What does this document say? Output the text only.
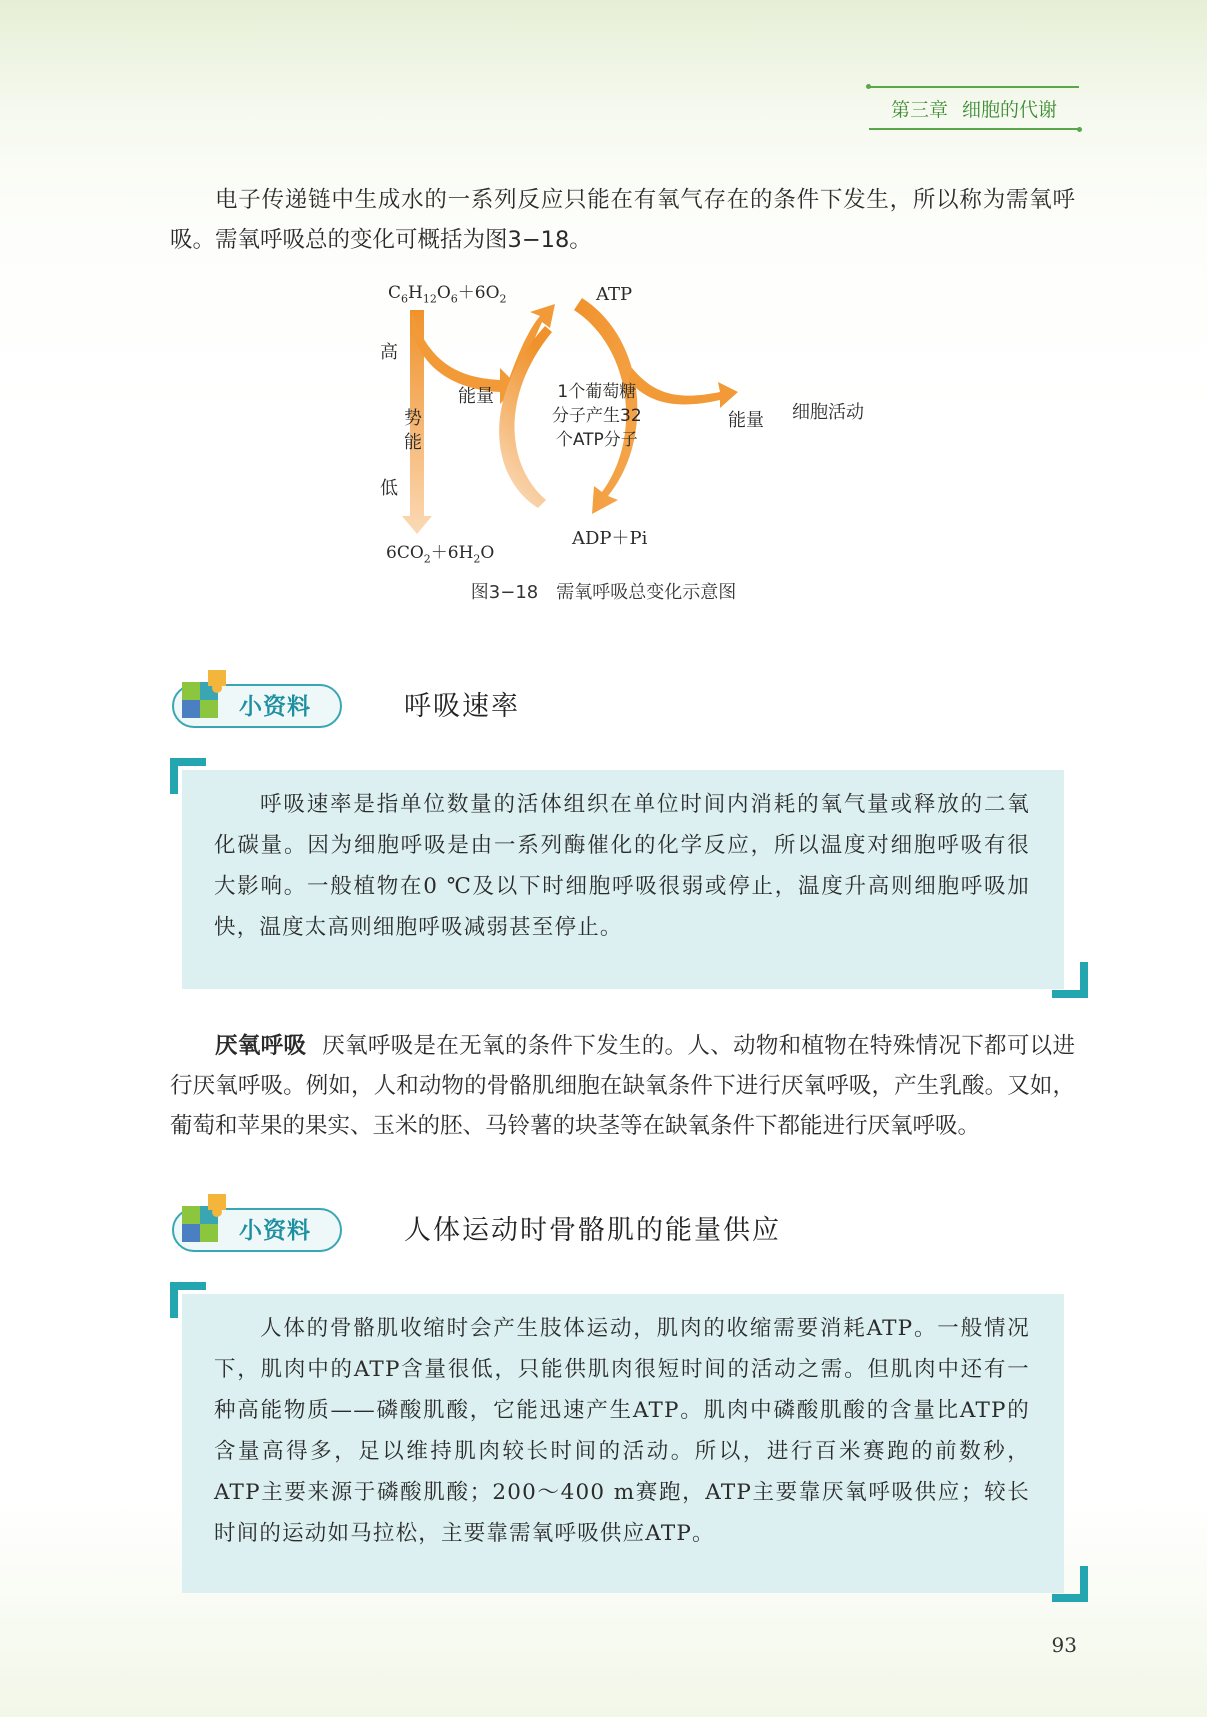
第三章 细胞的代谢

电子传递链中生成水的一系列反应只能在有氧气存在的条件下发生，所以称为需氧呼吸。需氧呼吸总的变化可概括为图3−18。

$C_6H_{12}O_6+6O_2$	ATP
高
势
能
低
能量	1个葡萄糖
分子产生32
个ATP分子
能量 细胞活动
ADP＋Pi
$6CO_2+6H_2O$
图3−18　需氧呼吸总变化示意图
小资料	呼吸速率

呼吸速率是指单位数量的活体组织在单位时间内消耗的氧气量或释放的二氧化碳量。因为细胞呼吸是由一系列酶催化的化学反应，所以温度对细胞呼吸有很大影响。一般植物在0 ℃及以下时细胞呼吸很弱或停止，温度升高则细胞呼吸加快，温度太高则细胞呼吸减弱甚至停止。

厌氧呼吸 厌氧呼吸是在无氧的条件下发生的。人、动物和植物在特殊情况下都可以进行厌氧呼吸。例如，人和动物的骨骼肌细胞在缺氧条件下进行厌氧呼吸，产生乳酸。又如，葡萄和苹果的果实、玉米的胚、马铃薯的块茎等在缺氧条件下都能进行厌氧呼吸。

小资料	人体运动时骨骼肌的能量供应

人体的骨骼肌收缩时会产生肢体运动，肌肉的收缩需要消耗ATP。一般情况下，肌肉中的ATP含量很低，只能供肌肉很短时间的活动之需。但肌肉中还有一种高能物质——磷酸肌酸，它能迅速产生ATP。肌肉中磷酸肌酸的含量比ATP的含量高得多，足以维持肌肉较长时间的活动。所以，进行百米赛跑的前数秒，ATP主要来源于磷酸肌酸；200～400 m赛跑，ATP主要靠厌氧呼吸供应；较长时间的运动如马拉松，主要靠需氧呼吸供应ATP。

93
